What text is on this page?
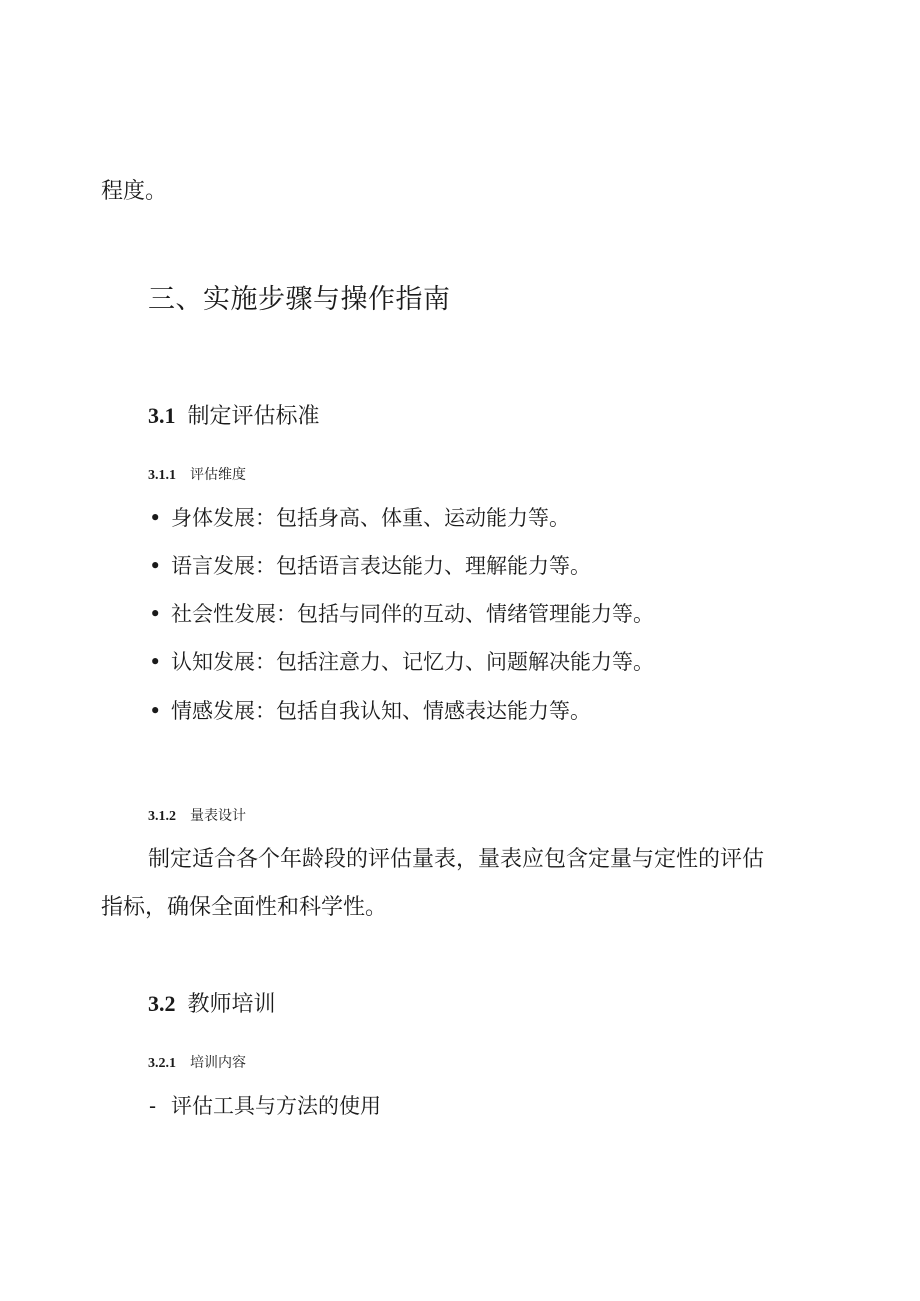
程度。
三、实施步骤与操作指南
3.1 制定评估标准
3.1.1 评估维度
• 身体发展：包括身高、体重、运动能力等。
• 语言发展：包括语言表达能力、理解能力等。
• 社会性发展：包括与同伴的互动、情绪管理能力等。
• 认知发展：包括注意力、记忆力、问题解决能力等。
• 情感发展：包括自我认知、情感表达能力等。
3.1.2 量表设计
制定适合各个年龄段的评估量表，量表应包含定量与定性的评估
指标，确保全面性和科学性。
3.2 教师培训
3.2.1 培训内容
- 评估工具与方法的使用
